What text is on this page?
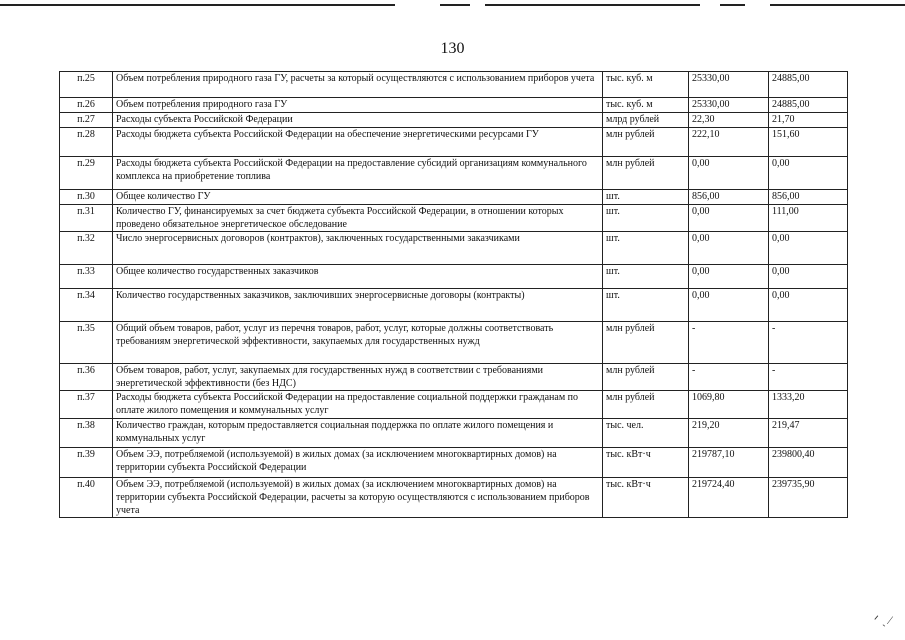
130
п.25	Объем потребления природного газа ГУ, расчеты за который осуществляются с использованием приборов учета	тыс. куб. м	25330,00	24885,00
п.26	Объем потребления природного газа ГУ	тыс. куб. м	25330,00	24885,00
п.27	Расходы субъекта Российской Федерации	млрд рублей	22,30	21,70
п.28	Расходы бюджета субъекта Российской Федерации на обеспечение энергетическими ресурсами ГУ	млн рублей	222,10	151,60
п.29	Расходы бюджета субъекта Российской Федерации на предоставление субсидий организациям коммунального комплекса на приобретение топлива	млн рублей	0,00	0,00
п.30	Общее количество ГУ	шт.	856,00	856,00
п.31	Количество ГУ, финансируемых за счет бюджета субъекта Российской Федерации, в отношении которых проведено обязательное энергетическое обследование	шт.	0,00	111,00
п.32	Число энергосервисных договоров (контрактов), заключенных государственными заказчиками	шт.	0,00	0,00
п.33	Общее количество государственных заказчиков	шт.	0,00	0,00
п.34	Количество государственных заказчиков, заключивших энергосервисные договоры (контракты)	шт.	0,00	0,00
п.35	Общий объем товаров, работ, услуг из перечня товаров, работ, услуг, которые должны соответствовать требованиям энергетической эффективности, закупаемых для государственных нужд	млн рублей	-	-
п.36	Объем товаров, работ, услуг, закупаемых для государственных нужд в соответствии с требованиями энергетической эффективности (без НДС)	млн рублей	-	-
п.37	Расходы бюджета субъекта Российской Федерации на предоставление социальной поддержки гражданам по оплате жилого помещения и коммунальных услуг	млн рублей	1069,80	1333,20
п.38	Количество граждан, которым предоставляется социальная поддержка по оплате жилого помещения и коммунальных услуг	тыс. чел.	219,20	219,47
п.39	Объем ЭЭ, потребляемой (используемой) в жилых домах (за исключением многоквартирных домов) на территории субъекта Российской Федерации	тыс. кВт·ч	219787,10	239800,40
п.40	Объем ЭЭ, потребляемой (используемой) в жилых домах (за исключением многоквартирных домов) на территории субъекта Российской Федерации, расчеты за которую осуществляются с использованием приборов учета	тыс. кВт·ч	219724,40	239735,90
ᐟ ˏ ⁄
